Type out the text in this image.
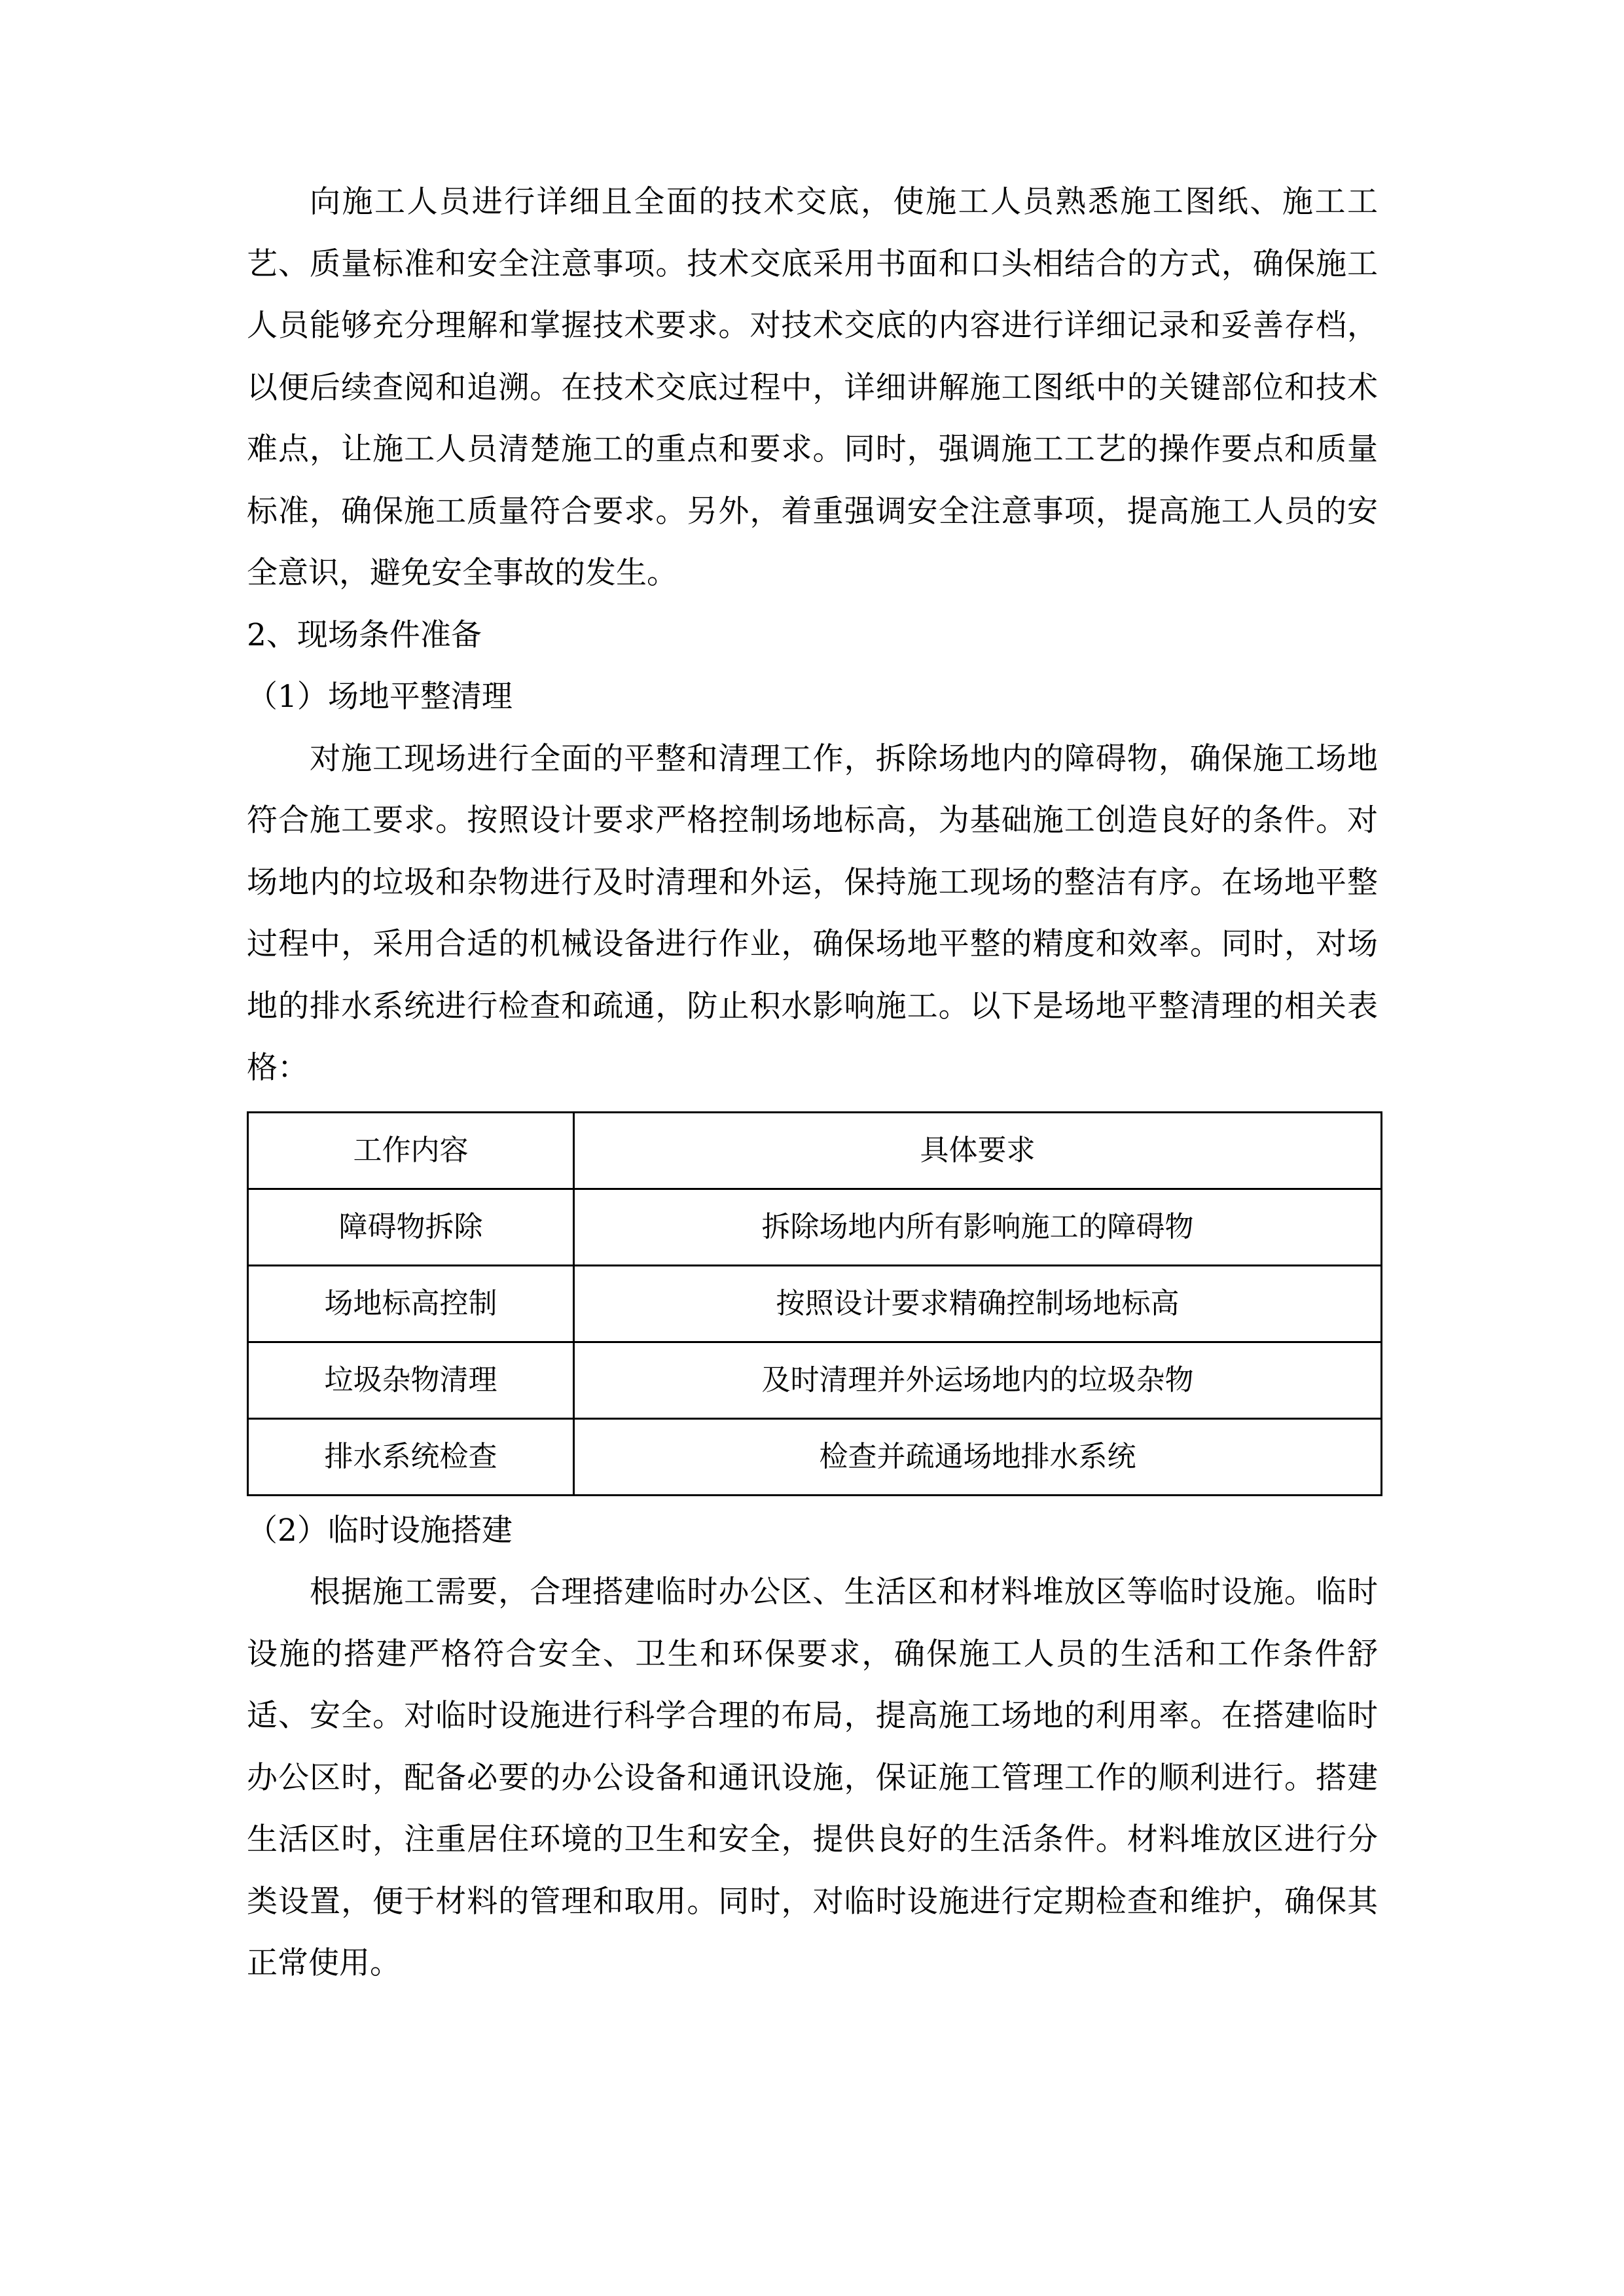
向施工人员进行详细且全面的技术交底，使施工人员熟悉施工图纸、施工工艺、质量标准和安全注意事项。技术交底采用书面和口头相结合的方式，确保施工人员能够充分理解和掌握技术要求。对技术交底的内容进行详细记录和妥善存档，以便后续查阅和追溯。在技术交底过程中，详细讲解施工图纸中的关键部位和技术难点，让施工人员清楚施工的重点和要求。同时，强调施工工艺的操作要点和质量标准，确保施工质量符合要求。另外，着重强调安全注意事项，提高施工人员的安全意识，避免安全事故的发生。

2、现场条件准备

（1）场地平整清理

对施工现场进行全面的平整和清理工作，拆除场地内的障碍物，确保施工场地符合施工要求。按照设计要求严格控制场地标高，为基础施工创造良好的条件。对场地内的垃圾和杂物进行及时清理和外运，保持施工现场的整洁有序。在场地平整过程中，采用合适的机械设备进行作业，确保场地平整的精度和效率。同时，对场地的排水系统进行检查和疏通，防止积水影响施工。以下是场地平整清理的相关表格：

工作内容	具体要求
障碍物拆除	拆除场地内所有影响施工的障碍物
场地标高控制	按照设计要求精确控制场地标高
垃圾杂物清理	及时清理并外运场地内的垃圾杂物
排水系统检查	检查并疏通场地排水系统

（2）临时设施搭建

根据施工需要，合理搭建临时办公区、生活区和材料堆放区等临时设施。临时设施的搭建严格符合安全、卫生和环保要求，确保施工人员的生活和工作条件舒适、安全。对临时设施进行科学合理的布局，提高施工场地的利用率。在搭建临时办公区时，配备必要的办公设备和通讯设施，保证施工管理工作的顺利进行。搭建生活区时，注重居住环境的卫生和安全，提供良好的生活条件。材料堆放区进行分类设置，便于材料的管理和取用。同时，对临时设施进行定期检查和维护，确保其正常使用。
